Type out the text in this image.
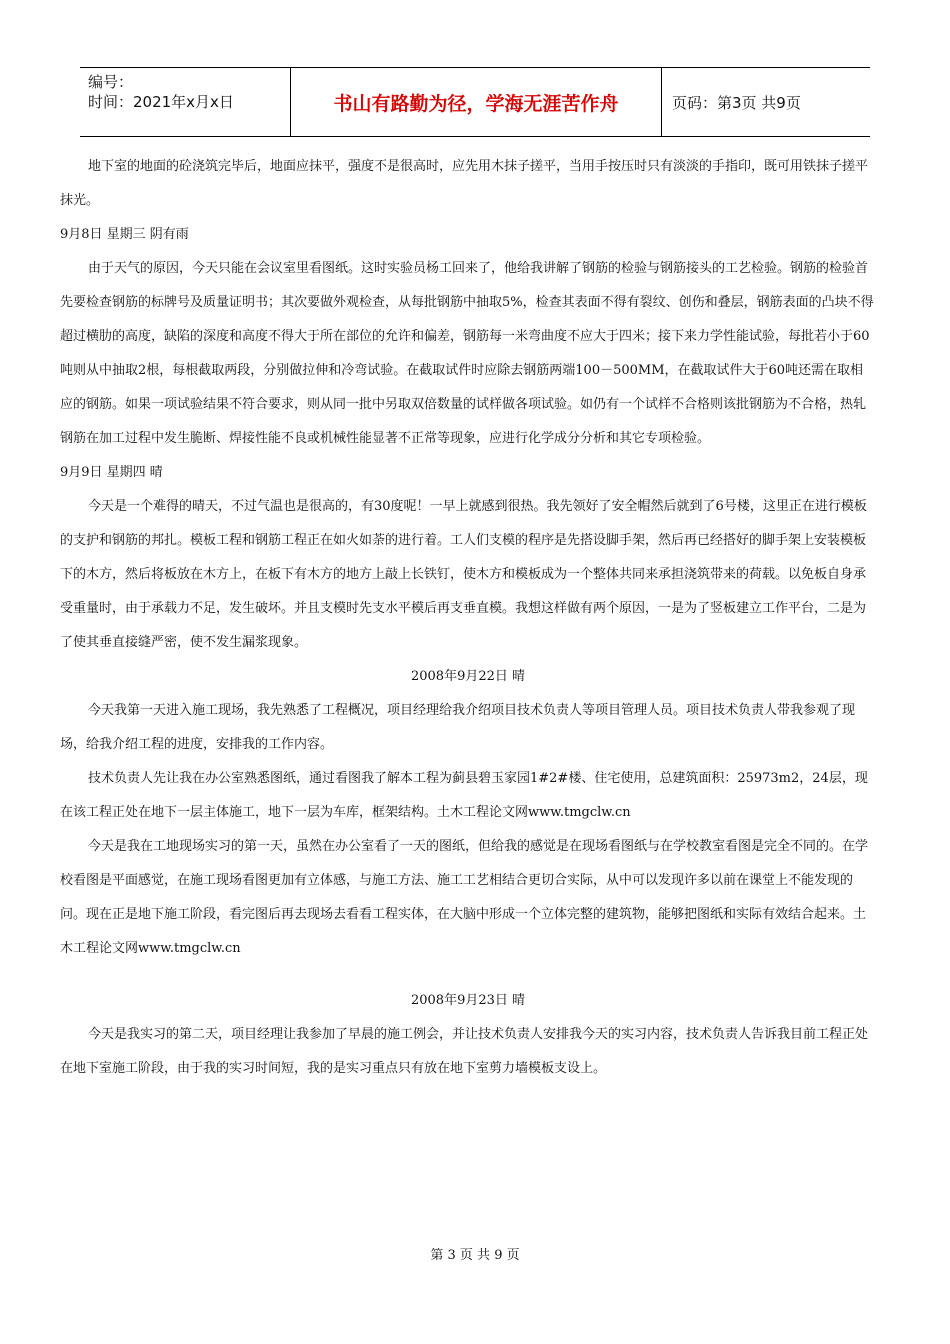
编号：
时间：2021年x月x日	书山有路勤为径，学海无涯苦作舟	页码：第3页 共9页

地下室的地面的砼浇筑完毕后，地面应抹平，强度不是很高时，应先用木抹子搓平，当用手按压时只有淡淡的手指印，既可用铁抹子搓平抹光。

9月8日 星期三 阴有雨

由于天气的原因，今天只能在会议室里看图纸。这时实验员杨工回来了，他给我讲解了钢筋的检验与钢筋接头的工艺检验。钢筋的检验首先要检查钢筋的标牌号及质量证明书；其次要做外观检查，从每批钢筋中抽取5%，检查其表面不得有裂纹、创伤和叠层，钢筋表面的凸块不得超过横肋的高度，缺陷的深度和高度不得大于所在部位的允许和偏差，钢筋每一米弯曲度不应大于四米；接下来力学性能试验，每批若小于60吨则从中抽取2根，每根截取两段，分别做拉伸和冷弯试验。在截取试件时应除去钢筋两端100－500MM，在截取试件大于60吨还需在取相应的钢筋。如果一项试验结果不符合要求，则从同一批中另取双倍数量的试样做各项试验。如仍有一个试样不合格则该批钢筋为不合格，热轧钢筋在加工过程中发生脆断、焊接性能不良或机械性能显著不正常等现象，应进行化学成分分析和其它专项检验。

9月9日 星期四 晴

今天是一个难得的晴天，不过气温也是很高的，有30度呢！一早上就感到很热。我先领好了安全帽然后就到了6号楼，这里正在进行模板的支护和钢筋的邦扎。模板工程和钢筋工程正在如火如荼的进行着。工人们支模的程序是先搭设脚手架，然后再已经搭好的脚手架上安装模板下的木方，然后将板放在木方上，在板下有木方的地方上敲上长铁钉，使木方和模板成为一个整体共同来承担浇筑带来的荷载。以免板自身承受重量时，由于承载力不足，发生破坏。并且支模时先支水平模后再支垂直模。我想这样做有两个原因，一是为了竖板建立工作平台，二是为了使其垂直接缝严密，使不发生漏浆现象。

2008年9月22日 晴

今天我第一天进入施工现场，我先熟悉了工程概况，项目经理给我介绍项目技术负责人等项目管理人员。项目技术负责人带我参观了现场，给我介绍工程的进度，安排我的工作内容。

技术负责人先让我在办公室熟悉图纸，通过看图我了解本工程为蓟县碧玉家园1#2#楼、住宅使用，总建筑面积：25973m2，24层，现在该工程正处在地下一层主体施工，地下一层为车库，框架结构。土木工程论文网www.tmgclw.cn

今天是我在工地现场实习的第一天，虽然在办公室看了一天的图纸，但给我的感觉是在现场看图纸与在学校教室看图是完全不同的。在学校看图是平面感觉，在施工现场看图更加有立体感，与施工方法、施工工艺相结合更切合实际，从中可以发现许多以前在课堂上不能发现的问。现在正是地下施工阶段，看完图后再去现场去看看工程实体，在大脑中形成一个立体完整的建筑物，能够把图纸和实际有效结合起来。土木工程论文网www.tmgclw.cn

2008年9月23日 晴

今天是我实习的第二天，项目经理让我参加了早晨的施工例会，并让技术负责人安排我今天的实习内容，技术负责人告诉我目前工程正处在地下室施工阶段，由于我的实习时间短，我的是实习重点只有放在地下室剪力墙模板支设上。

第 3 页 共 9 页
